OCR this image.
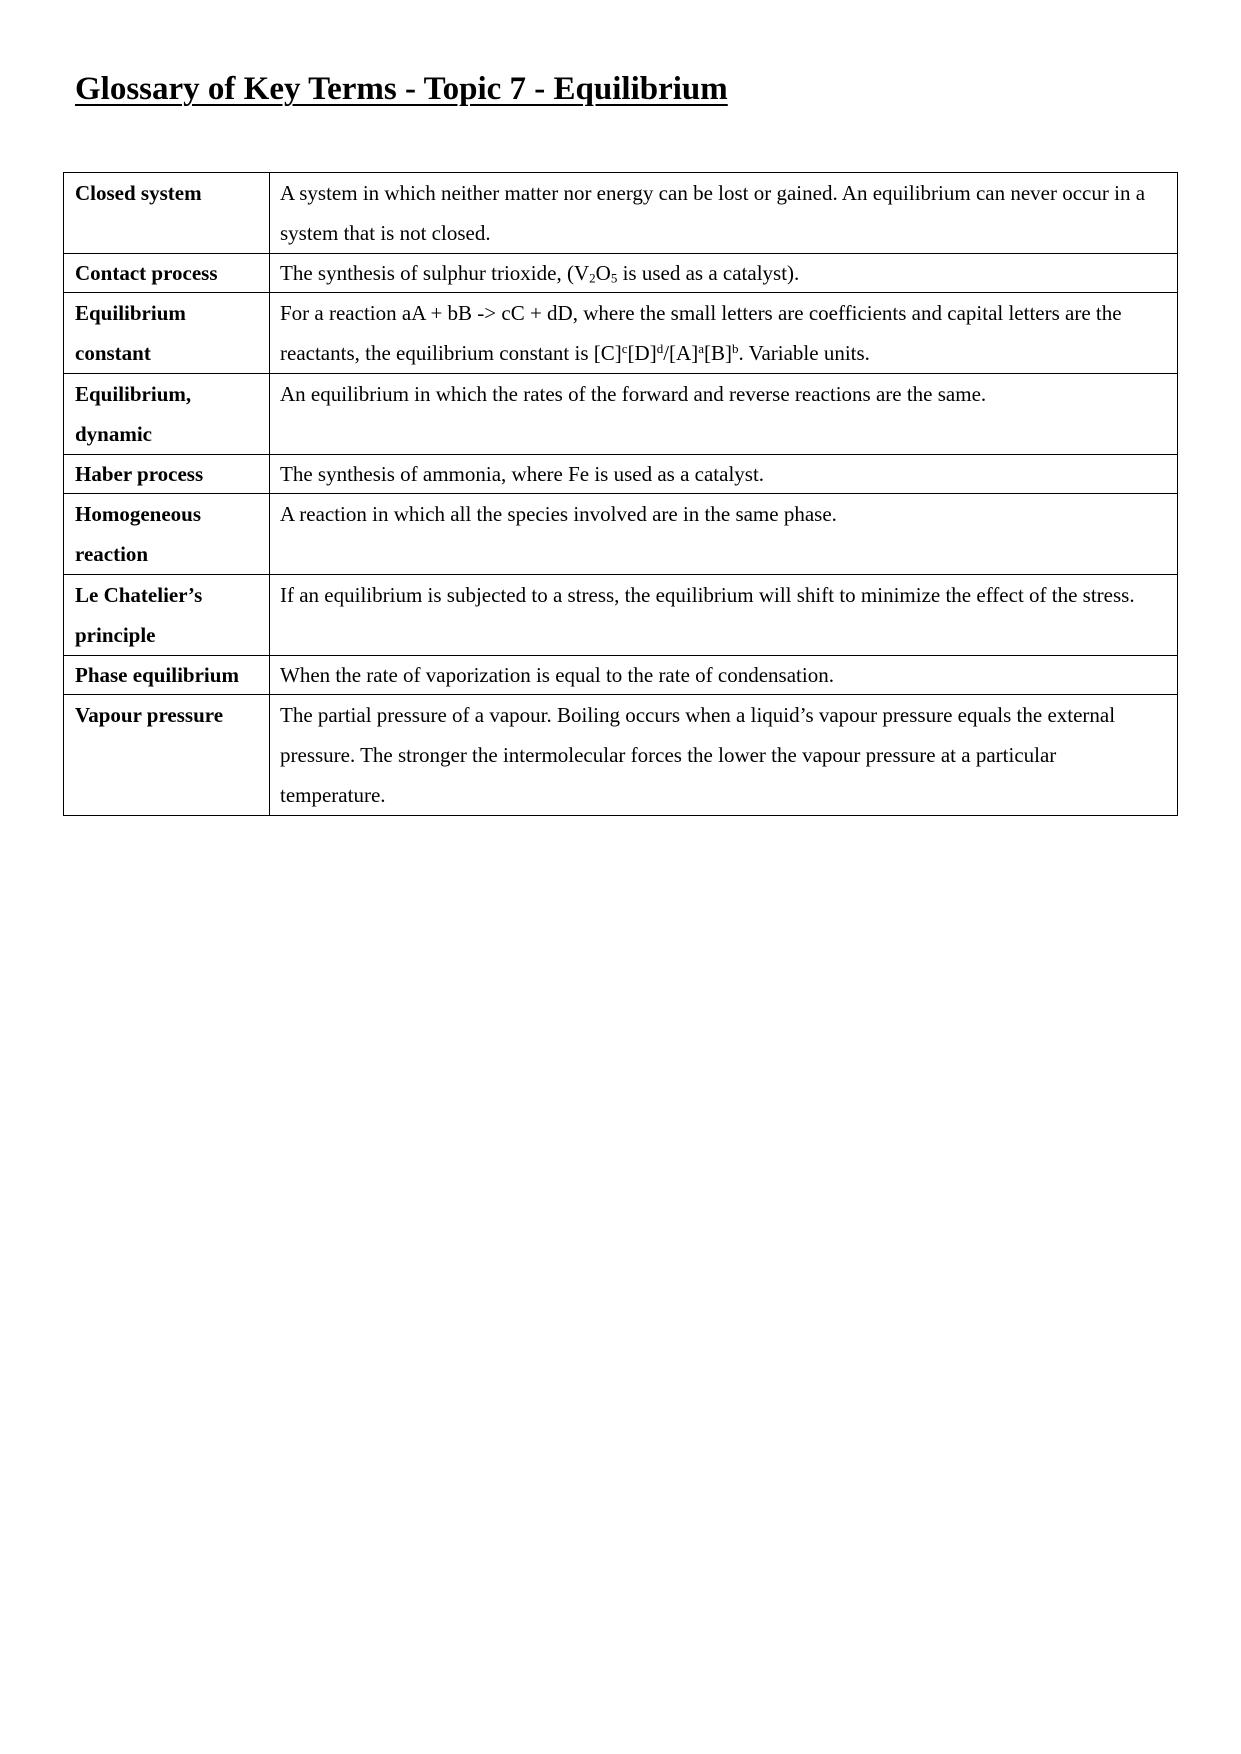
Glossary of Key Terms - Topic 7 - Equilibrium
Closed system	A system in which neither matter nor energy can be lost or gained. An equilibrium can never occur in a system that is not closed.
Contact process	The synthesis of sulphur trioxide, ($V_2O_5$ is used as a catalyst).
Equilibrium constant	For a reaction aA + bB -> cC + dD, where the small letters are coefficients and capital letters are the reactants, the equilibrium constant is $[C]^c[D]^d/[A]^a[B]^b$. Variable units.
Equilibrium, dynamic	An equilibrium in which the rates of the forward and reverse reactions are the same.
Haber process	The synthesis of ammonia, where Fe is used as a catalyst.
Homogeneous reaction	A reaction in which all the species involved are in the same phase.
Le Chatelier’s principle	If an equilibrium is subjected to a stress, the equilibrium will shift to minimize the effect of the stress.
Phase equilibrium	When the rate of vaporization is equal to the rate of condensation.
Vapour pressure	The partial pressure of a vapour. Boiling occurs when a liquid’s vapour pressure equals the external pressure. The stronger the intermolecular forces the lower the vapour pressure at a particular temperature.
